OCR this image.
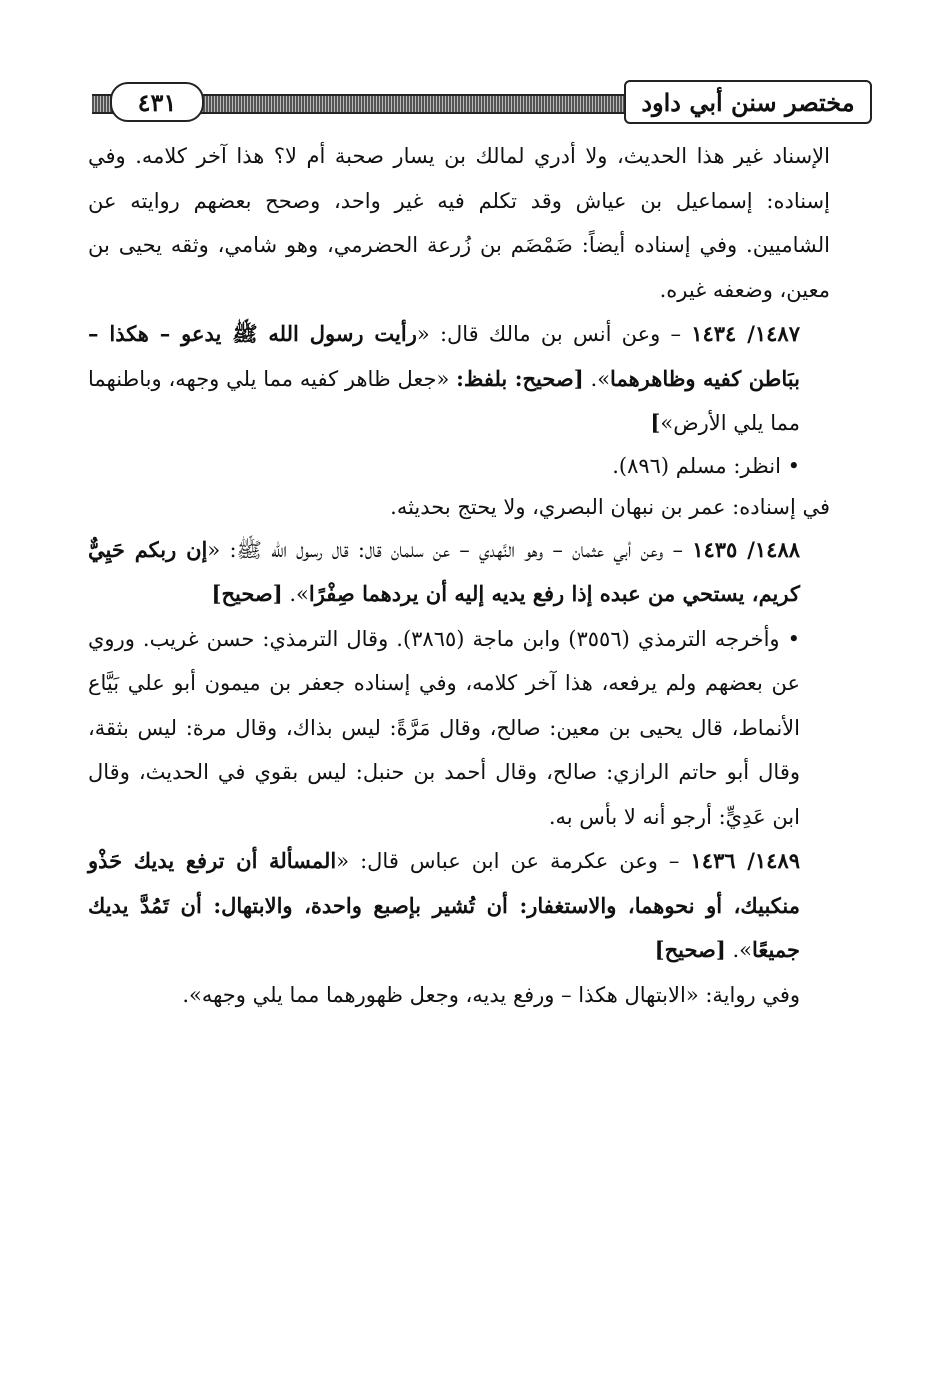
٤٣١	مختصر سنن أبي داود

الإسناد غير هذا الحديث، ولا أدري لمالك بن يسار صحبة أم لا؟ هذا آخر كلامه. وفي إسناده: إسماعيل بن عياش وقد تكلم فيه غير واحد، وصحح بعضهم روايته عن الشاميين. وفي إسناده أيضاً: ضَمْضَم بن زُرعة الحضرمي، وهو شامي، وثقه يحيى بن معين، وضعفه غيره.

١٤٨٧/ ١٤٣٤ – وعن أنس بن مالك قال: «رأيت رسول الله ﷺ يدعو – هكذا – ببَاطن كفيه وظاهرهما». [صحيح: بلفظ: «جعل ظاهر كفيه مما يلي وجهه، وباطنهما مما يلي الأرض»]

• انظر: مسلم (٨٩٦).

في إسناده: عمر بن نبهان البصري، ولا يحتج بحديثه.

١٤٨٨/ ١٤٣٥ – وعن أبي عثمان – وهو النَّهدي – عن سلمان قال: قال رسول الله ﷺ: «إن ربكم حَيِيٌّ كريم، يستحي من عبده إذا رفع يديه إليه أن يردهما صِفْرًا». [صحيح]

• وأخرجه الترمذي (٣٥٥٦) وابن ماجة (٣٨٦٥). وقال الترمذي: حسن غريب. وروي عن بعضهم ولم يرفعه، هذا آخر كلامه، وفي إسناده جعفر بن ميمون أبو علي بَيَّاع الأنماط، قال يحيى بن معين: صالح، وقال مَرَّةً: ليس بذاك، وقال مرة: ليس بثقة، وقال أبو حاتم الرازي: صالح، وقال أحمد بن حنبل: ليس بقوي في الحديث، وقال ابن عَدِيٍّ: أرجو أنه لا بأس به.

١٤٨٩/ ١٤٣٦ – وعن عكرمة عن ابن عباس قال: «المسألة أن ترفع يديك حَذْو منكبيك، أو نحوهما، والاستغفار: أن تُشير بإصبع واحدة، والابتهال: أن تَمُدَّ يديك جميعًا». [صحيح]

وفي رواية: «الابتهال هكذا – ورفع يديه، وجعل ظهورهما مما يلي وجهه».
